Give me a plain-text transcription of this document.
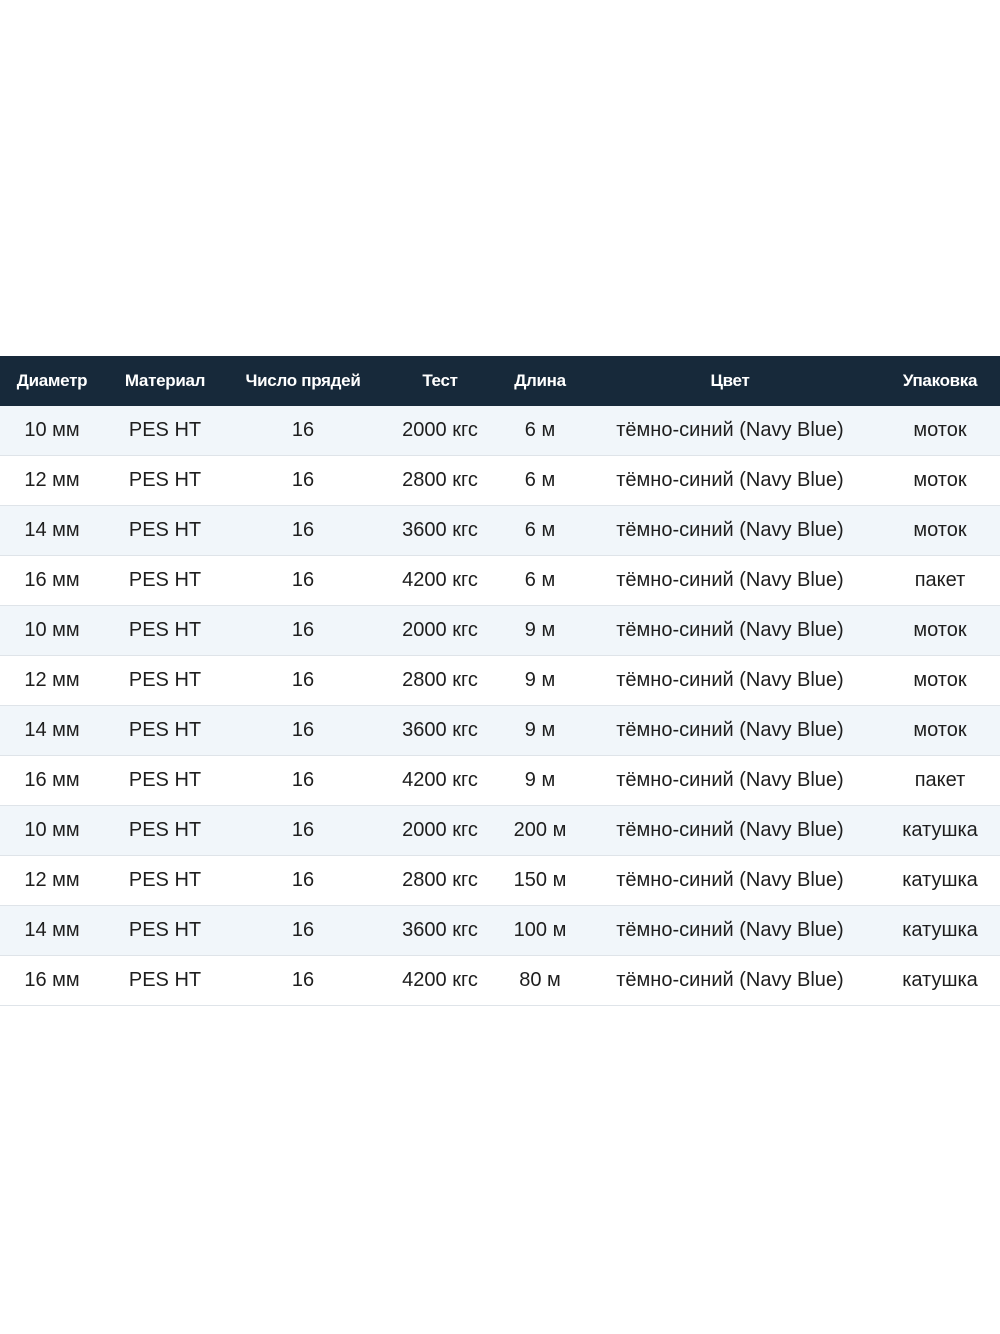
Диаметр	Материал	Число прядей	Тест	Длина	Цвет	Упаковка
10 мм	PES HT	16	2000 кгс	6 м	тёмно-синий (Navy Blue)	моток
12 мм	PES HT	16	2800 кгс	6 м	тёмно-синий (Navy Blue)	моток
14 мм	PES HT	16	3600 кгс	6 м	тёмно-синий (Navy Blue)	моток
16 мм	PES HT	16	4200 кгс	6 м	тёмно-синий (Navy Blue)	пакет
10 мм	PES HT	16	2000 кгс	9 м	тёмно-синий (Navy Blue)	моток
12 мм	PES HT	16	2800 кгс	9 м	тёмно-синий (Navy Blue)	моток
14 мм	PES HT	16	3600 кгс	9 м	тёмно-синий (Navy Blue)	моток
16 мм	PES HT	16	4200 кгс	9 м	тёмно-синий (Navy Blue)	пакет
10 мм	PES HT	16	2000 кгс	200 м	тёмно-синий (Navy Blue)	катушка
12 мм	PES HT	16	2800 кгс	150 м	тёмно-синий (Navy Blue)	катушка
14 мм	PES HT	16	3600 кгс	100 м	тёмно-синий (Navy Blue)	катушка
16 мм	PES HT	16	4200 кгс	80 м	тёмно-синий (Navy Blue)	катушка
